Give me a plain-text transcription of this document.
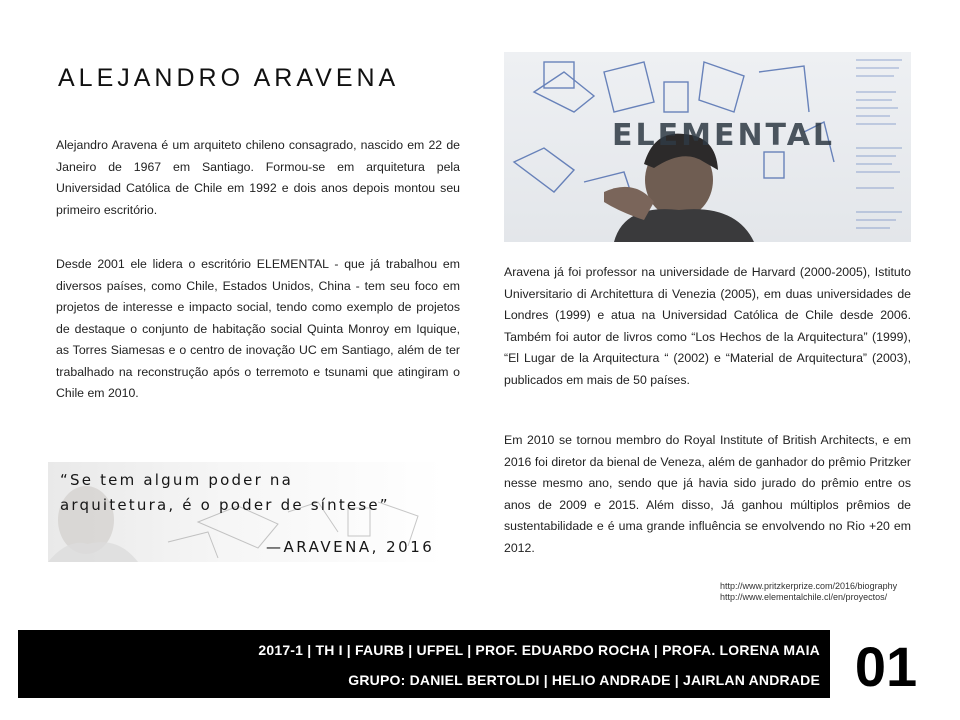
ALEJANDRO ARAVENA

Alejandro Aravena é um arquiteto chileno consagrado, nascido em 22 de Janeiro de 1967 em Santiago. Formou-se em arquitetura pela Universidad Católica de Chile em 1992 e dois anos depois montou seu primeiro escritório.

Desde 2001 ele lidera o escritório ELEMENTAL - que já trabalhou em diversos países, como Chile, Estados Unidos, China - tem seu foco em projetos de interesse e impacto social, tendo como exemplo de projetos de destaque o conjunto de habitação social Quinta Monroy em Iquique, as Torres Siamesas e o centro de inovação UC em Santiago, além de ter trabalhado na reconstrução após o terremoto e tsunami que atingiram o Chile em 2010.

ELEMENTAL

Aravena já foi professor na universidade de Harvard (2000-2005), Istituto Universitario di Architettura di Venezia (2005), em duas universidades de Londres (1999) e atua na Universidad Católica de Chile desde 2006. Também foi autor de livros como “Los Hechos de la Arquitectura” (1999), “El Lugar de la Arquitectura “ (2002) e “Material de Arquitectura” (2003), publicados em mais de 50 países.

Em 2010 se tornou membro do Royal Institute of British Architects, e em 2016 foi diretor da bienal de Veneza, além de ganhador do prêmio Pritzker nesse mesmo ano, sendo que já havia sido jurado do prêmio entre os anos de 2009 e 2015. Além disso, Já ganhou múltiplos prêmios de sustentabilidade e é uma grande influência se envolvendo no Rio +20 em 2012.

“Se tem algum poder na

arquitetura, é o poder de síntese”

—ARAVENA, 2016

http://www.pritzkerprize.com/2016/biography
http://www.elementalchile.cl/en/proyectos/

2017-1 | TH I | FAURB | UFPEL | PROF. EDUARDO ROCHA | PROFA. LORENA MAIA

GRUPO: DANIEL BERTOLDI | HELIO ANDRADE | JAIRLAN ANDRADE 01
